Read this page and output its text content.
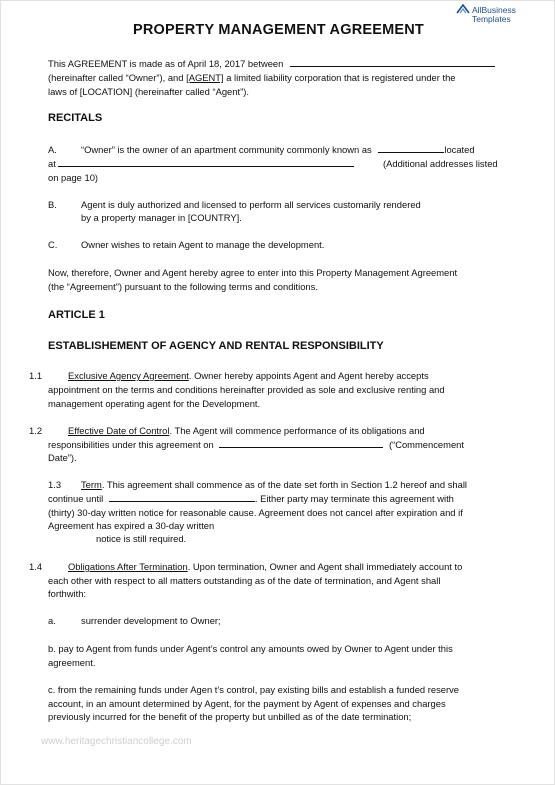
AllBusiness
Templates
PROPERTY MANAGEMENT AGREEMENT
This AGREEMENT is made as of April 18, 2017 between
(hereinafter called “Owner”), and [AGENT] a limited liability corporation that is registered under the
laws of [LOCATION] (hereinafter called “Agent”).
RECITALS
A.	“Owner” is the owner of an apartment community commonly known as	located
at	(Additional addresses listed
on page 10)
B.	Agent is duly authorized and licensed to perform all services customarily rendered
by a property manager in [COUNTRY].
C.	Owner wishes to retain Agent to manage the development.
Now, therefore, Owner and Agent hereby agree to enter into this Property Management Agreement
(the “Agreement”) pursuant to the following terms and conditions.
ARTICLE 1
ESTABLISHEMENT OF AGENCY AND RENTAL RESPONSIBILITY
1.1	Exclusive Agency Agreement. Owner hereby appoints Agent and Agent hereby accepts
appointment on the terms and conditions hereinafter provided as sole and exclusive renting and
management operating agent for the Development.
1.2	Effective Date of Control. The Agent will commence performance of its obligations and
responsibilities under this agreement on	(“Commencement
Date”).
1.3 Term. This agreement shall commence as of the date set forth in Section 1.2 hereof and shall
continue until	. Either party may terminate this agreement with
(thirty) 30-day written notice for reasonable cause. Agreement does not cancel after expiration and if
Agreement has expired a 30-day written
notice is still required.
1.4	Obligations After Termination. Upon termination, Owner and Agent shall immediately account to
each other with respect to all matters outstanding as of the date of termination, and Agent shall
forthwith:
a.	surrender development to Owner;
b. pay to Agent from funds under Agent’s control any amounts owed by Owner to Agent under this
agreement.
c. from the remaining funds under Agen t’s control, pay existing bills and establish a funded reserve
account, in an amount determined by Agent, for the payment by Agent of expenses and charges
previously incurred for the benefit of the property but unbilled as of the date termination;
www.heritagechristiancollege.com
